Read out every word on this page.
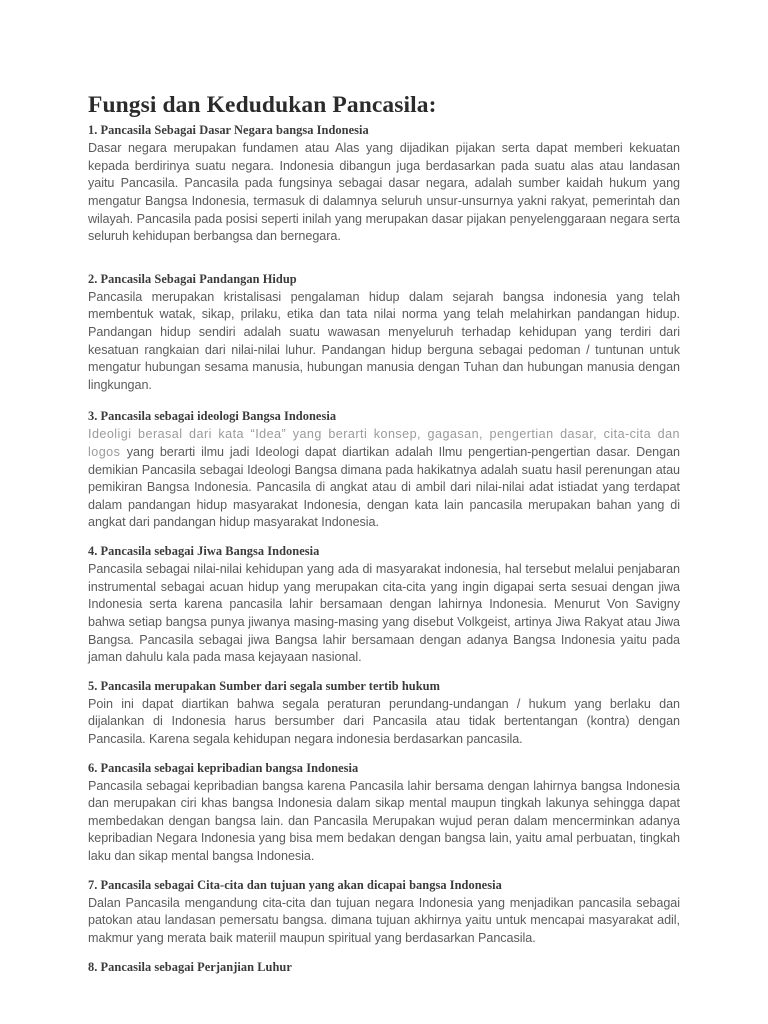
Fungsi dan Kedudukan Pancasila:
1. Pancasila Sebagai Dasar Negara bangsa Indonesia

Dasar negara merupakan fundamen atau Alas yang dijadikan pijakan serta dapat memberi kekuatan kepada berdirinya suatu negara. Indonesia dibangun juga berdasarkan pada suatu alas atau landasan yaitu Pancasila. Pancasila pada fungsinya sebagai dasar negara, adalah sumber kaidah hukum yang mengatur Bangsa Indonesia, termasuk di dalamnya seluruh unsur-unsurnya yakni rakyat, pemerintah dan wilayah. Pancasila pada posisi seperti inilah yang merupakan dasar pijakan penyelenggaraan negara serta seluruh kehidupan berbangsa dan bernegara.

2. Pancasila Sebagai Pandangan Hidup

Pancasila merupakan kristalisasi pengalaman hidup dalam sejarah bangsa indonesia yang telah membentuk watak, sikap, prilaku, etika dan tata nilai norma yang telah melahirkan pandangan hidup. Pandangan hidup sendiri adalah suatu wawasan menyeluruh terhadap kehidupan yang terdiri dari kesatuan rangkaian dari nilai-nilai luhur. Pandangan hidup berguna sebagai pedoman / tuntunan untuk mengatur hubungan sesama manusia, hubungan manusia dengan Tuhan dan hubungan manusia dengan lingkungan.

3. Pancasila sebagai ideologi Bangsa Indonesia

Ideoligi berasal dari kata “Idea” yang berarti konsep, gagasan, pengertian dasar, cita-cita dan logos yang berarti ilmu jadi Ideologi dapat diartikan adalah Ilmu pengertian-pengertian dasar. Dengan demikian Pancasila sebagai Ideologi Bangsa dimana pada hakikatnya adalah suatu hasil perenungan atau pemikiran Bangsa Indonesia. Pancasila di angkat atau di ambil dari nilai-nilai adat istiadat yang terdapat dalam pandangan hidup masyarakat Indonesia, dengan kata lain pancasila merupakan bahan yang di angkat dari pandangan hidup masyarakat Indonesia.

4. Pancasila sebagai Jiwa Bangsa Indonesia

Pancasila sebagai nilai-nilai kehidupan yang ada di masyarakat indonesia, hal tersebut melalui penjabaran instrumental sebagai acuan hidup yang merupakan cita-cita yang ingin digapai serta sesuai dengan jiwa Indonesia serta karena pancasila lahir bersamaan dengan lahirnya Indonesia. Menurut Von Savigny bahwa setiap bangsa punya jiwanya masing-masing yang disebut Volkgeist, artinya Jiwa Rakyat atau Jiwa Bangsa. Pancasila sebagai jiwa Bangsa lahir bersamaan dengan adanya Bangsa Indonesia yaitu pada jaman dahulu kala pada masa kejayaan nasional.

5. Pancasila merupakan Sumber dari segala sumber tertib hukum

Poin ini dapat diartikan bahwa segala peraturan perundang-undangan / hukum yang berlaku dan dijalankan di Indonesia harus bersumber dari Pancasila atau tidak bertentangan (kontra) dengan Pancasila. Karena segala kehidupan negara indonesia berdasarkan pancasila.

6. Pancasila sebagai kepribadian bangsa Indonesia

Pancasila sebagai kepribadian bangsa karena Pancasila lahir bersama dengan lahirnya bangsa Indonesia dan merupakan ciri khas bangsa Indonesia dalam sikap mental maupun tingkah lakunya sehingga dapat membedakan dengan bangsa lain. dan Pancasila Merupakan wujud peran dalam mencerminkan adanya kepribadian Negara Indonesia yang bisa mem bedakan dengan bangsa lain, yaitu amal perbuatan, tingkah laku dan sikap mental bangsa Indonesia.

7. Pancasila sebagai Cita-cita dan tujuan yang akan dicapai bangsa Indonesia

Dalan Pancasila mengandung cita-cita dan tujuan negara Indonesia yang menjadikan pancasila sebagai patokan atau landasan pemersatu bangsa. dimana tujuan akhirnya yaitu untuk mencapai masyarakat adil, makmur yang merata baik materiil maupun spiritual yang berdasarkan Pancasila.

8. Pancasila sebagai Perjanjian Luhur
